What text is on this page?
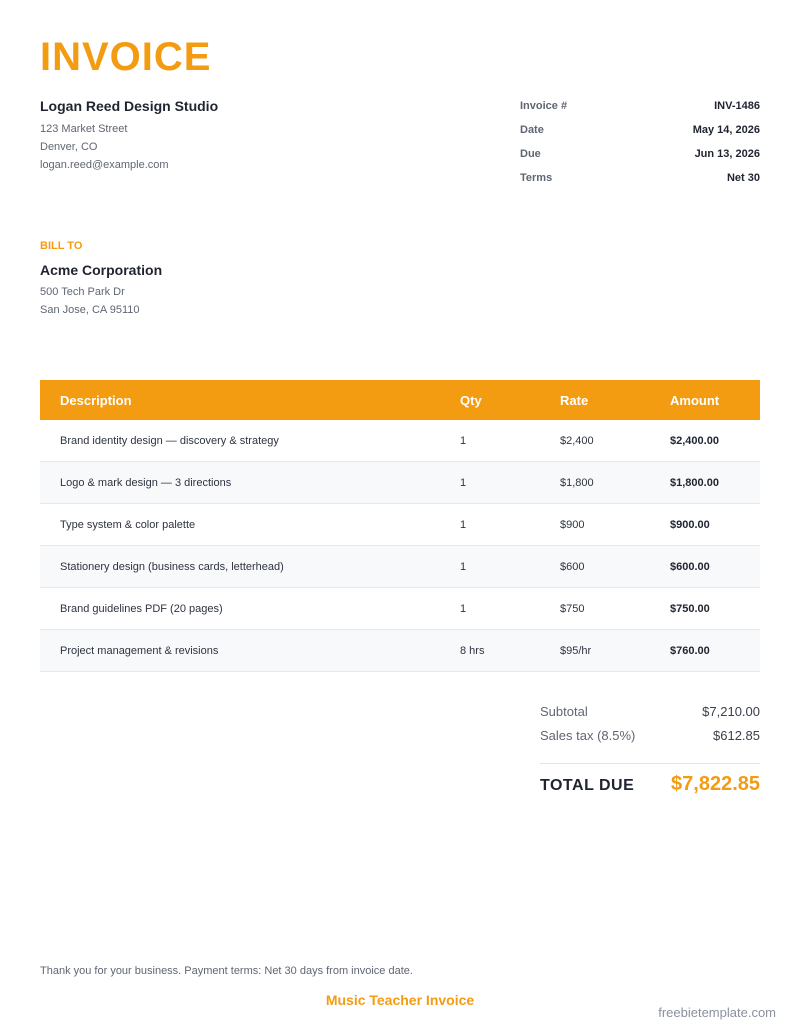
INVOICE
Logan Reed Design Studio
123 Market Street
Denver, CO
logan.reed@example.com
Invoice #	INV-1486
Date	May 14, 2026
Due	Jun 13, 2026
Terms	Net 30
BILL TO
Acme Corporation
500 Tech Park Dr
San Jose, CA 95110
Description	Qty	Rate	Amount
Brand identity design — discovery & strategy	1	$2,400	$2,400.00
Logo & mark design — 3 directions	1	$1,800	$1,800.00
Type system & color palette	1	$900	$900.00
Stationery design (business cards, letterhead)	1	$600	$600.00
Brand guidelines PDF (20 pages)	1	$750	$750.00
Project management & revisions	8 hrs	$95/hr	$760.00
Subtotal	$7,210.00
Sales tax (8.5%)	$612.85
TOTAL DUE $7,822.85
Thank you for your business. Payment terms: Net 30 days from invoice date.
Music Teacher Invoice
freebietemplate.com
